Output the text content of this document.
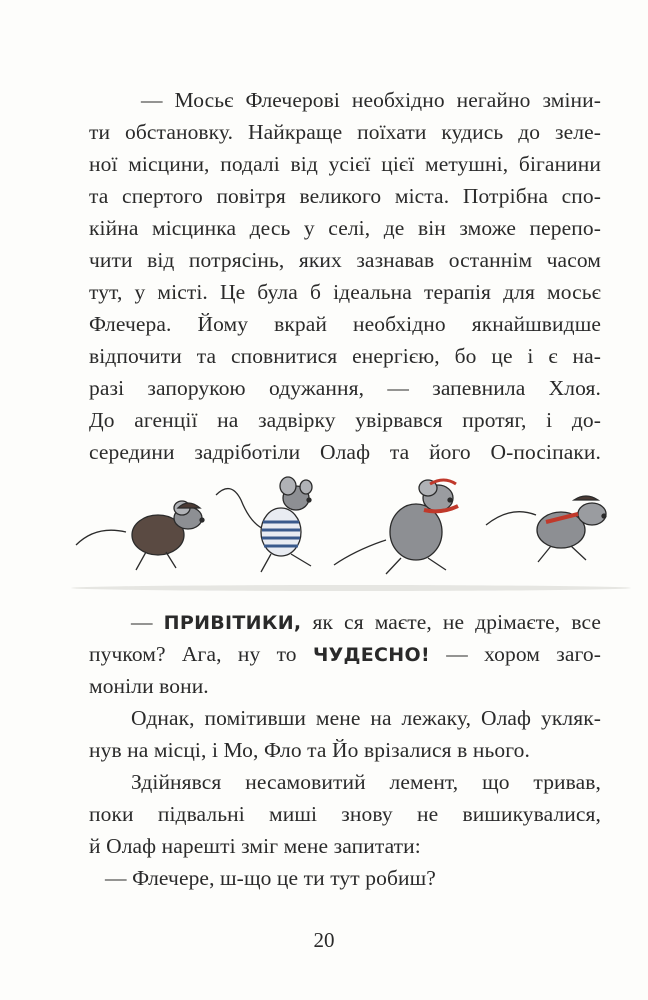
— Мосьє Флечерові необхідно негайно зміни-
ти обстановку. Найкраще поїхати кудись до зеле-
ної місцини, подалі від усієї цієї метушні, біганини
та спертого повітря великого міста. Потрібна спо-
кійна місцинка десь у селі, де він зможе перепо-
чити від потрясінь, яких зазнавав останнім часом
тут, у місті. Це була б ідеальна терапія для мосьє
Флечера. Йому вкрай необхідно якнайшвидше
відпочити та сповнитися енергією, бо це і є на-
разі запорукою одужання, — запевнила Хлоя.
До агенції на задвірку увірвався протяг, і до-
середини задріботіли Олаф та його О-посіпаки.
— ПРИВІТИКИ, як ся маєте, не дрімаєте, все
пучком? Ага, ну то ЧУДЕСНО! — хором заго-
моніли вони.
Однак, помітивши мене на лежаку, Олаф укляк-
нув на місці, і Мо, Фло та Йо врізалися в нього.
Здійнявся несамовитий лемент, що тривав,
поки підвальні миші знову не вишикувалися,
й Олаф нарешті зміг мене запитати:
— Флечере, ш-що це ти тут робиш?
20
